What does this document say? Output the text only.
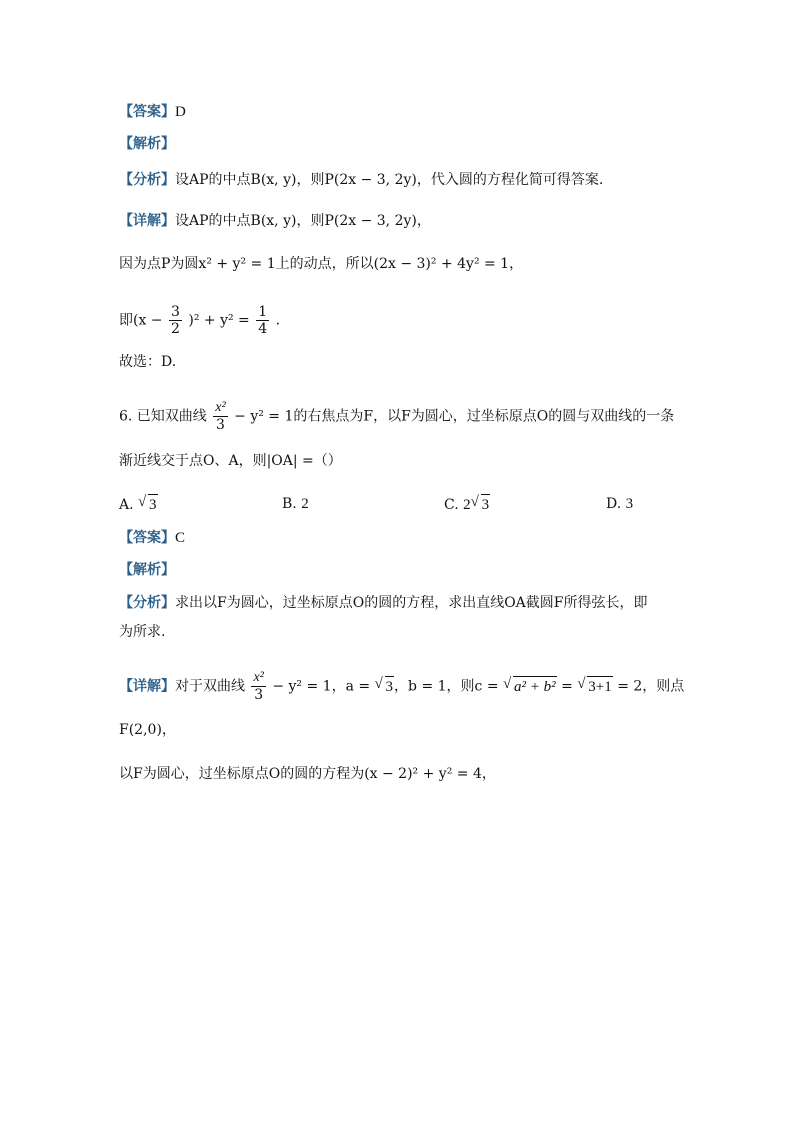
【答案】D
【解析】
【分析】设AP的中点B(x, y)，则P(2x − 3, 2y)，代入圆的方程化简可得答案.
【详解】设AP的中点B(x, y)，则P(2x − 3, 2y)，
因为点P为圆x² + y² = 1上的动点，所以(2x − 3)² + 4y² = 1，
即$(x - \frac{3}{2} )^2 + y^2 = \frac{1}{4}$ .
故选：D.
6. 已知双曲线 $\frac{\text{x²}}{3} - y^2 = 1$的右焦点为F，以F为圆心，过坐标原点O的圆与双曲线的一条
渐近线交于点O、A，则|OA| =（）
A. √ 3	B. 2	C. 2 √ 3	D. 3
【答案】C
【解析】
【分析】求出以F为圆心，过坐标原点O的圆的方程，求出直线OA截圆F所得弦长，即
为所求.
【详解】对于双曲线 $\frac{\text{x²}}{3} - y^2 = 1$，a = √ 3，b = 1，则c = √ a² + b² = √ 3+1 = 2，则点
F(2,0)，
以F为圆心，过坐标原点O的圆的方程为(x − 2)² + y² = 4，
